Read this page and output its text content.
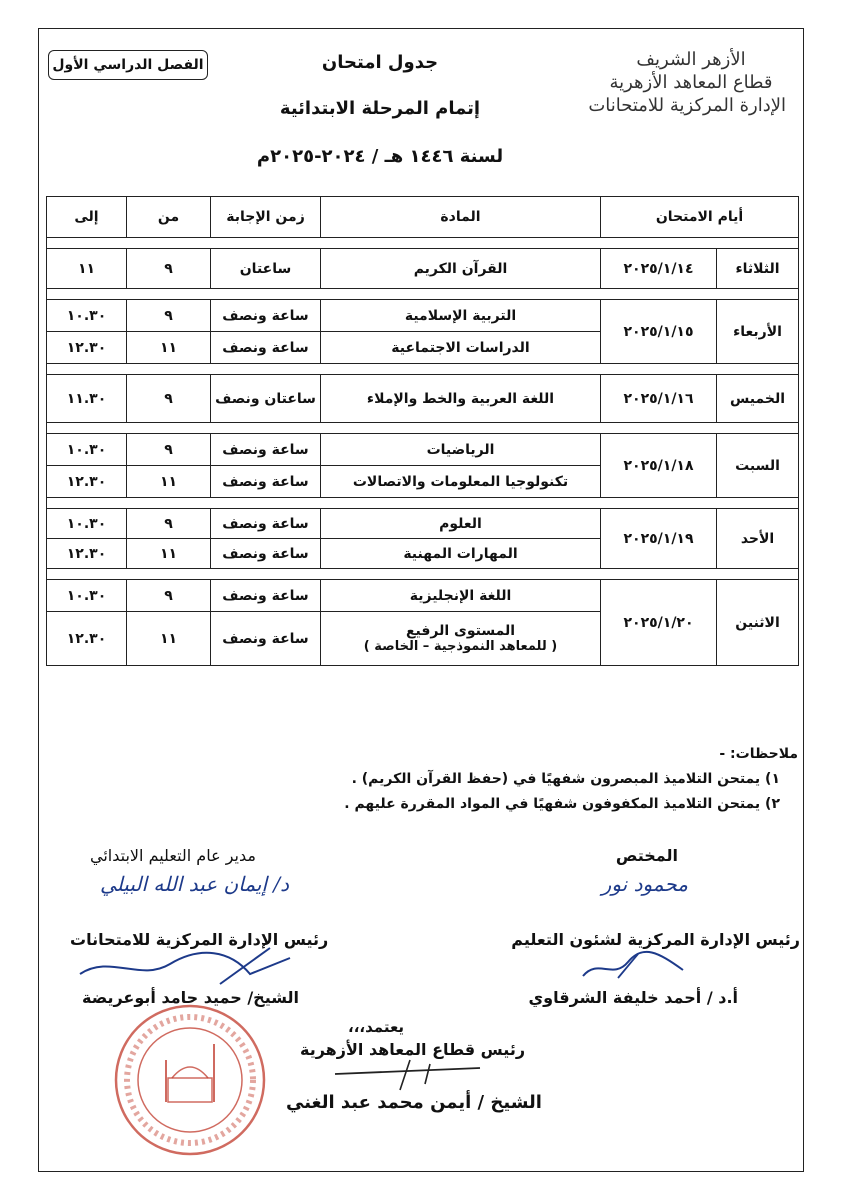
الأزهر الشريف
قطاع المعاهد الأزهرية
الإدارة المركزية للامتحانات
الفصل الدراسي الأول	جدول امتحان
إتمام المرحلة الابتدائية
لسنة ١٤٤٦ هـ / ٢٠٢٤-٢٠٢٥م
أيام الامتحان		المادة	زمن الإجابة	من	إلى

الثلاثاء	٢٠٢٥/١/١٤	القرآن الكريم	ساعتان	٩	١١

الأربعاء	٢٠٢٥/١/١٥	التربية الإسلامية	ساعة ونصف	٩	١٠.٣٠
		الدراسات الاجتماعية	ساعة ونصف	١١	١٢.٣٠

الخميس	٢٠٢٥/١/١٦	اللغة العربية والخط والإملاء	ساعتان ونصف	٩	١١.٣٠

السبت	٢٠٢٥/١/١٨	الرياضيات	ساعة ونصف	٩	١٠.٣٠
		تكنولوجيا المعلومات والاتصالات	ساعة ونصف	١١	١٢.٣٠

الأحد	٢٠٢٥/١/١٩	العلوم	ساعة ونصف	٩	١٠.٣٠
		المهارات المهنية	ساعة ونصف	١١	١٢.٣٠

الاثنين	٢٠٢٥/١/٢٠	اللغة الإنجليزية	ساعة ونصف	٩	١٠.٣٠

		المستوى الرفيع
( للمعاهد النموذجية – الخاصة )	ساعة ونصف	١١	١٢.٣٠
ملاحظات: -
١) يمتحن التلاميذ المبصرون شفهيًا في (حفظ القرآن الكريم) .
٢) يمتحن التلاميذ المكفوفون شفهيًا في المواد المقررة عليهم .
المختص
محمود نور
مدير عام التعليم الابتدائي
د/ إيمان عبد الله البيلي
رئيس الإدارة المركزية لشئون التعليم
أ.د / أحمد خليفة الشرقاوي
رئيس الإدارة المركزية للامتحانات
الشيخ/ حميد حامد أبوعريضة
يعتمد،،،
رئيس قطاع المعاهد الأزهرية
الشيخ / أيمن محمد عبد الغني
